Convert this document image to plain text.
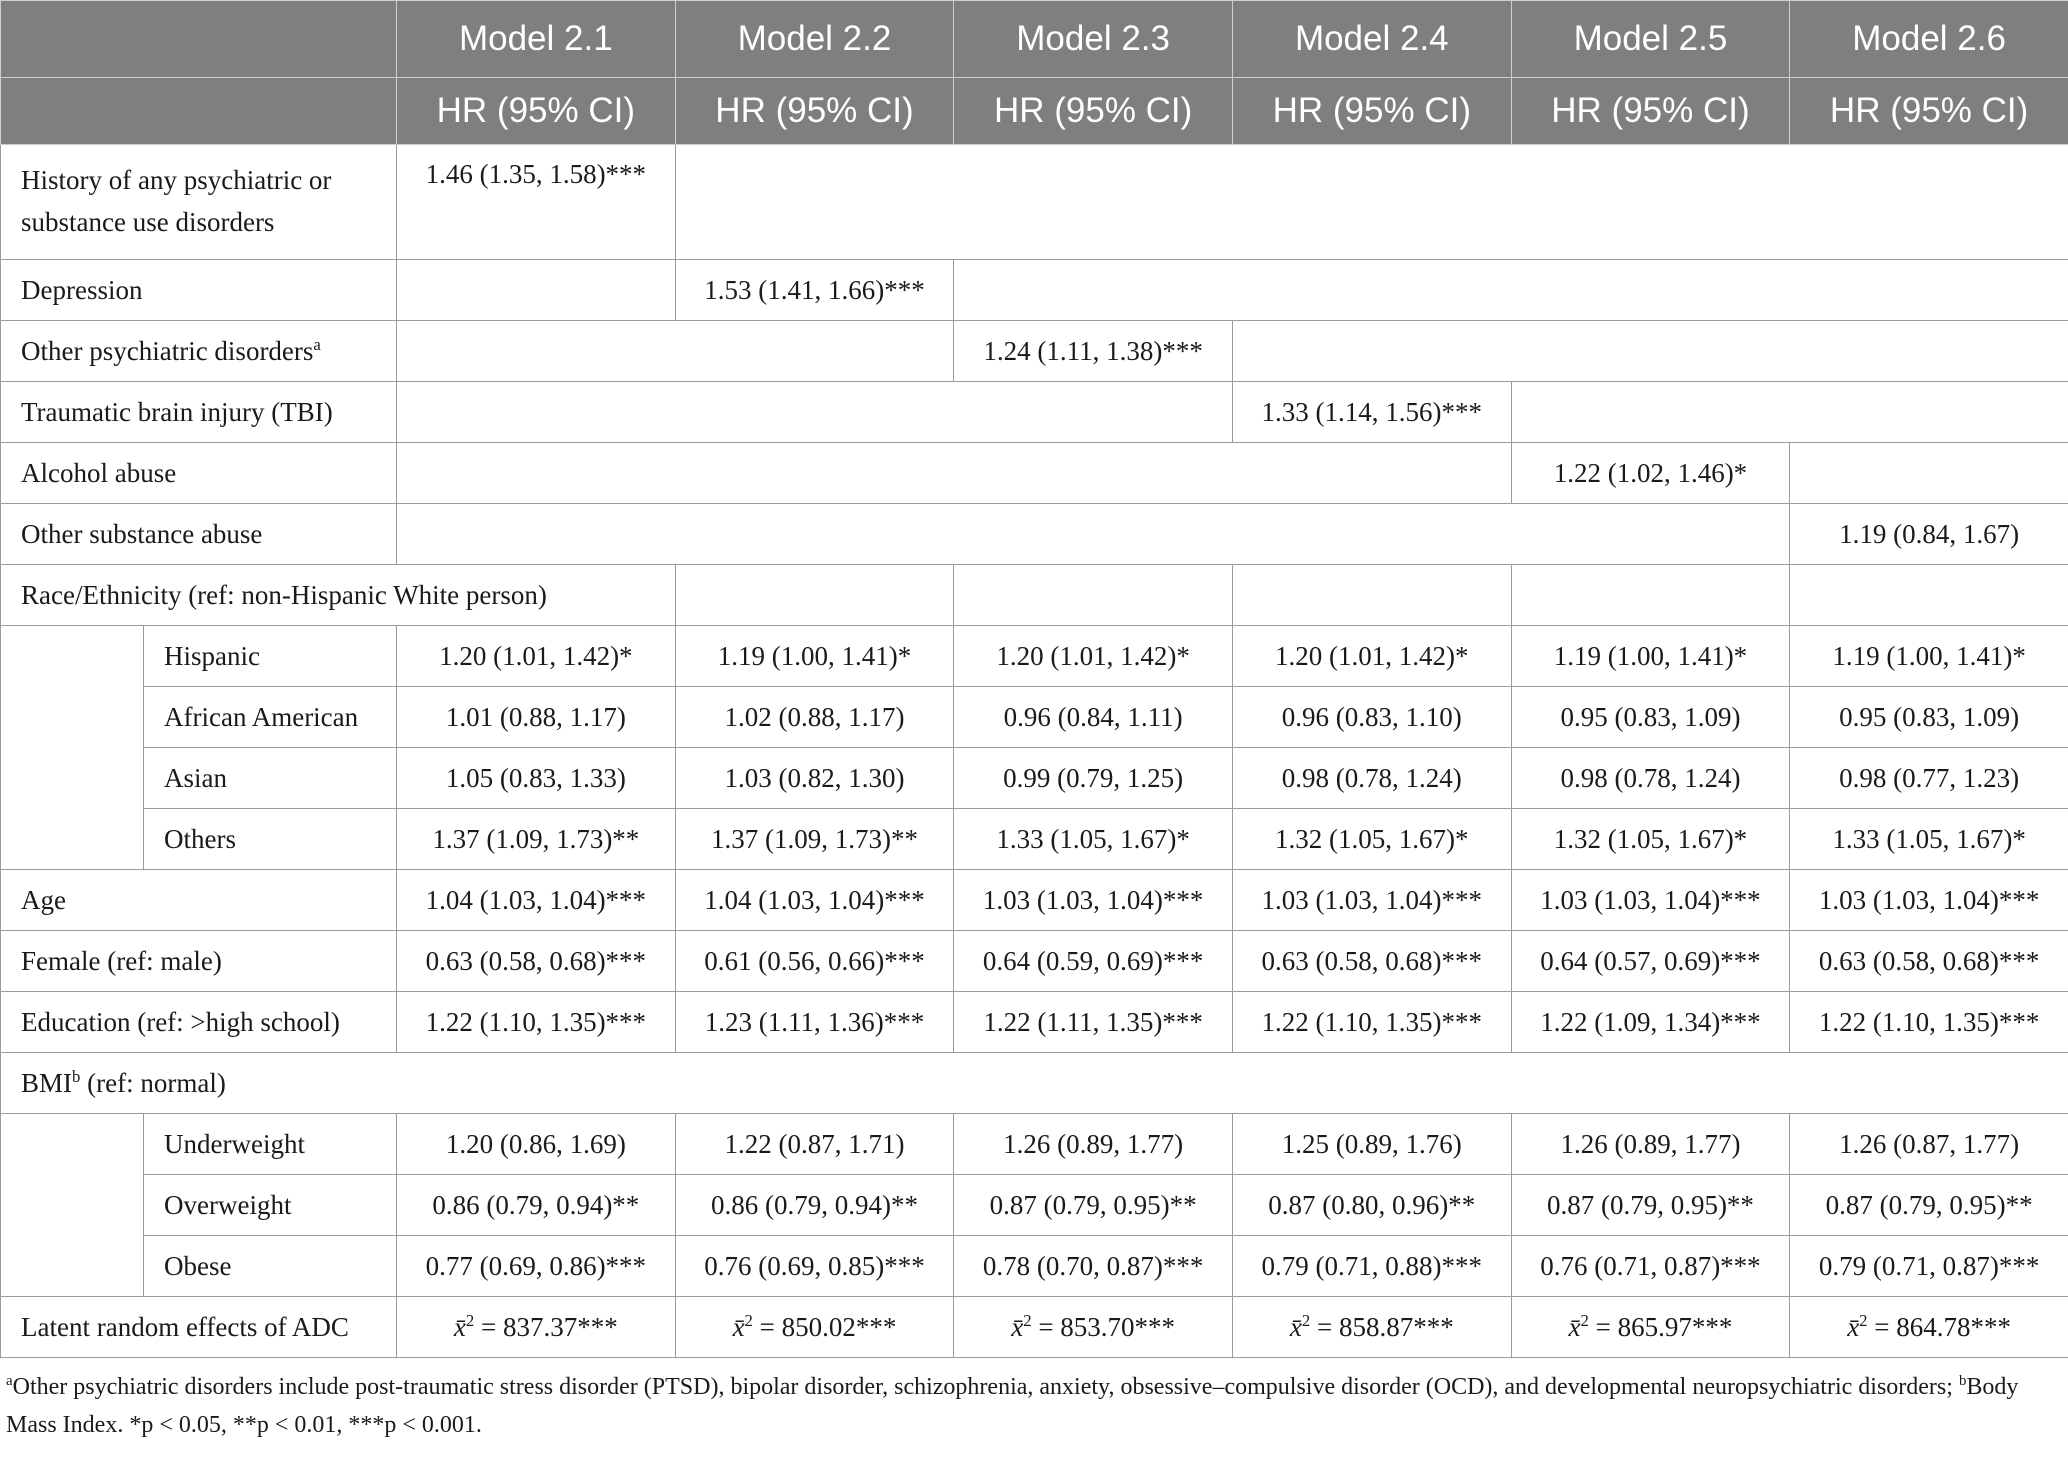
		Model 2.1	Model 2.2	Model 2.3	Model 2.4	Model 2.5	Model 2.6
		HR (95% CI)	HR (95% CI)	HR (95% CI)	HR (95% CI)	HR (95% CI)	HR (95% CI)
History of any psychiatric or
substance use disorders		1.46 (1.35, 1.58)***					
Depression			1.53 (1.41, 1.66)***				
Other psychiatric disorders$^a$				1.24 (1.11, 1.38)***			
Traumatic brain injury (TBI)					1.33 (1.14, 1.56)***		
Alcohol abuse						1.22 (1.02, 1.46)*	
Other substance abuse							1.19 (0.84, 1.67)
Race/Ethnicity (ref: non-Hispanic White person)							
	Hispanic	1.20 (1.01, 1.42)*	1.19 (1.00, 1.41)*	1.20 (1.01, 1.42)*	1.20 (1.01, 1.42)*	1.19 (1.00, 1.41)*	1.19 (1.00, 1.41)*
	African American	1.01 (0.88, 1.17)	1.02 (0.88, 1.17)	0.96 (0.84, 1.11)	0.96 (0.83, 1.10)	0.95 (0.83, 1.09)	0.95 (0.83, 1.09)
	Asian	1.05 (0.83, 1.33)	1.03 (0.82, 1.30)	0.99 (0.79, 1.25)	0.98 (0.78, 1.24)	0.98 (0.78, 1.24)	0.98 (0.77, 1.23)
	Others	1.37 (1.09, 1.73)**	1.37 (1.09, 1.73)**	1.33 (1.05, 1.67)*	1.32 (1.05, 1.67)*	1.32 (1.05, 1.67)*	1.33 (1.05, 1.67)*
Age		1.04 (1.03, 1.04)***	1.04 (1.03, 1.04)***	1.03 (1.03, 1.04)***	1.03 (1.03, 1.04)***	1.03 (1.03, 1.04)***	1.03 (1.03, 1.04)***
Female (ref: male)		0.63 (0.58, 0.68)***	0.61 (0.56, 0.66)***	0.64 (0.59, 0.69)***	0.63 (0.58, 0.68)***	0.64 (0.57, 0.69)***	0.63 (0.58, 0.68)***
Education (ref: >high school)		1.22 (1.10, 1.35)***	1.23 (1.11, 1.36)***	1.22 (1.11, 1.35)***	1.22 (1.10, 1.35)***	1.22 (1.09, 1.34)***	1.22 (1.10, 1.35)***
BMI$^b$ (ref: normal)							
	Underweight	1.20 (0.86, 1.69)	1.22 (0.87, 1.71)	1.26 (0.89, 1.77)	1.25 (0.89, 1.76)	1.26 (0.89, 1.77)	1.26 (0.87, 1.77)
	Overweight	0.86 (0.79, 0.94)**	0.86 (0.79, 0.94)**	0.87 (0.79, 0.95)**	0.87 (0.80, 0.96)**	0.87 (0.79, 0.95)**	0.87 (0.79, 0.95)**
	Obese	0.77 (0.69, 0.86)***	0.76 (0.69, 0.85)***	0.78 (0.70, 0.87)***	0.79 (0.71, 0.88)***	0.76 (0.71, 0.87)***	0.79 (0.71, 0.87)***
Latent random effects of ADC		x̄$^2$ = 837.37***	x̄$^2$ = 850.02***	x̄$^2$ = 853.70***	x̄$^2$ = 858.87***	x̄$^2$ = 865.97***	x̄$^2$ = 864.78***
$^a$Other psychiatric disorders include post-traumatic stress disorder (PTSD), bipolar disorder, schizophrenia, anxiety, obsessive–compulsive disorder (OCD), and developmental neuropsychiatric disorders; $^b$Body Mass Index. *p < 0.05, **p < 0.01, ***p < 0.001.
